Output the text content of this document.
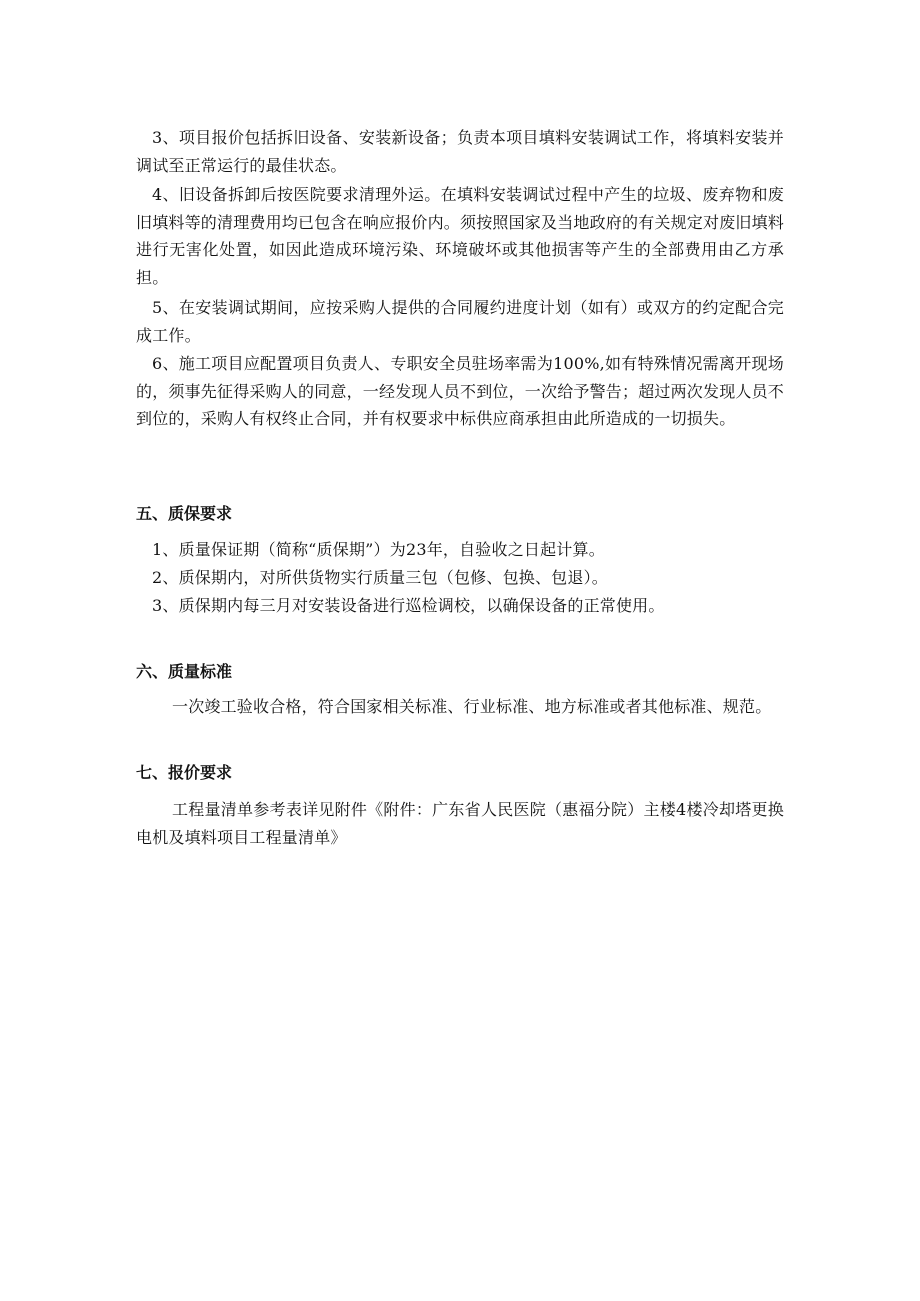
3、项目报价包括拆旧设备、安装新设备；负责本项目填料安装调试工作，将填料安装并调试至正常运行的最佳状态。

4、旧设备拆卸后按医院要求清理外运。在填料安装调试过程中产生的垃圾、废弃物和废旧填料等的清理费用均已包含在响应报价内。须按照国家及当地政府的有关规定对废旧填料进行无害化处置，如因此造成环境污染、环境破坏或其他损害等产生的全部费用由乙方承担。

5、在安装调试期间，应按采购人提供的合同履约进度计划（如有）或双方的约定配合完成工作。

6、施工项目应配置项目负责人、专职安全员驻场率需为100%,如有特殊情况需离开现场的，须事先征得采购人的同意，一经发现人员不到位，一次给予警告；超过两次发现人员不到位的，采购人有权终止合同，并有权要求中标供应商承担由此所造成的一切损失。

五、质保要求

1、质量保证期（简称“质保期”）为23年，自验收之日起计算。

2、质保期内，对所供货物实行质量三包（包修、包换、包退）。

3、质保期内每三月对安装设备进行巡检调校，以确保设备的正常使用。

六、质量标准

一次竣工验收合格，符合国家相关标准、行业标准、地方标准或者其他标准、规范。

七、报价要求

工程量清单参考表详见附件《附件：广东省人民医院（惠福分院）主楼4楼冷却塔更换电机及填料项目工程量清单》
